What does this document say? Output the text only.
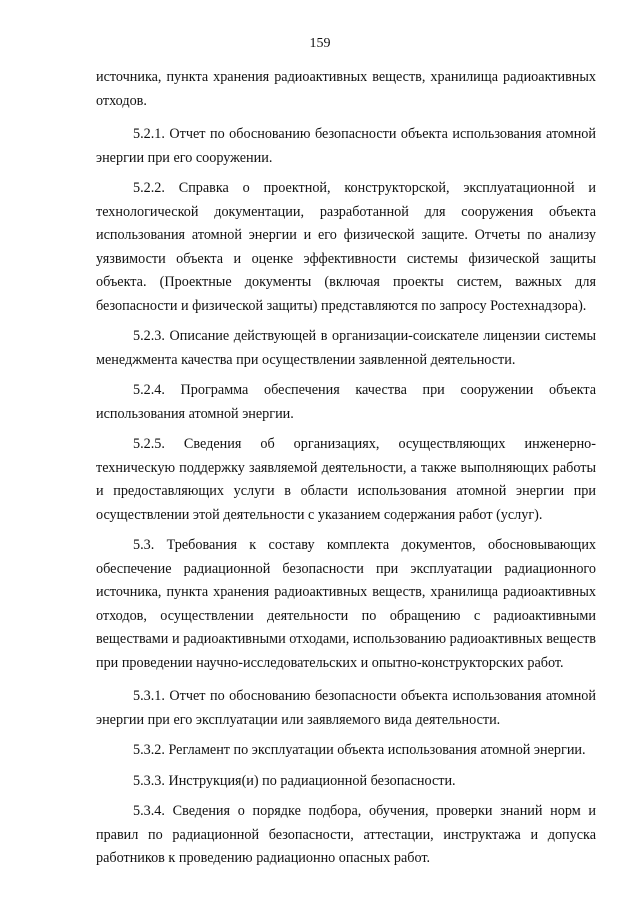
159

источника, пункта хранения радиоактивных веществ, хранилища радиоактивных отходов.

5.2.1. Отчет по обоснованию безопасности объекта использования атомной энергии при его сооружении.

5.2.2. Справка о проектной, конструкторской, эксплуатационной и технологической документации, разработанной для сооружения объекта использования атомной энергии и его физической защите. Отчеты по анализу уязвимости объекта и оценке эффективности системы физической защиты объекта. (Проектные документы (включая проекты систем, важных для безопасности и физической защиты) представляются по запросу Ростехнадзора).

5.2.3. Описание действующей в организации-соискателе лицензии системы менеджмента качества при осуществлении заявленной деятельности.

5.2.4. Программа обеспечения качества при сооружении объекта использования атомной энергии.

5.2.5. Сведения об организациях, осуществляющих инженерно-техническую поддержку заявляемой деятельности, а также выполняющих работы и предоставляющих услуги в области использования атомной энергии при осуществлении этой деятельности с указанием содержания работ (услуг).

5.3. Требования к составу комплекта документов, обосновывающих обеспечение радиационной безопасности при эксплуатации радиационного источника, пункта хранения радиоактивных веществ, хранилища радиоактивных отходов, осуществлении деятельности по обращению с радиоактивными веществами и радиоактивными отходами, использованию радиоактивных веществ при проведении научно-исследовательских и опытно-конструкторских работ.

5.3.1. Отчет по обоснованию безопасности объекта использования атомной энергии при его эксплуатации или заявляемого вида деятельности.

5.3.2. Регламент по эксплуатации объекта использования атомной энергии.

5.3.3. Инструкция(и) по радиационной безопасности.

5.3.4. Сведения о порядке подбора, обучения, проверки знаний норм и правил по радиационной безопасности, аттестации, инструктажа и допуска работников к проведению радиационно опасных работ.
